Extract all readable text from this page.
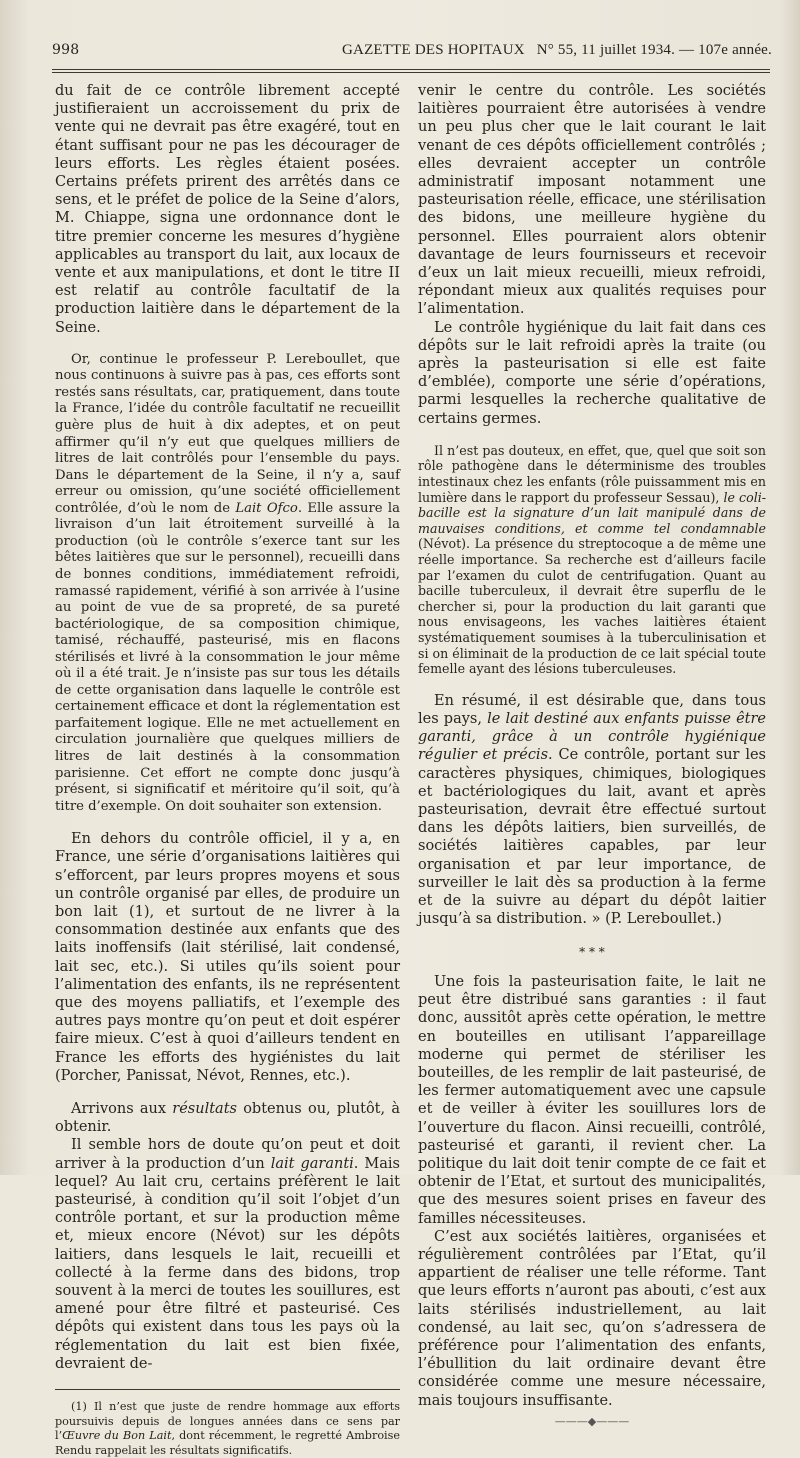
998	GAZETTE DES HOPITAUX N° 55, 11 juillet 1934. — 107e année.

du fait de ce contrôle librement accepté justifieraient un accroissement du prix de vente qui ne devrait pas être exagéré, tout en étant suffisant pour ne pas les décourager de leurs efforts. Les règles étaient posées. Certains préfets prirent des arrêtés dans ce sens, et le préfet de police de la Seine d’alors, M. Chiappe, signa une ordonnance dont le titre premier concerne les mesures d’hygiène applicables au transport du lait, aux locaux de vente et aux manipulations, et dont le titre II est relatif au contrôle facultatif de la production laitière dans le département de la Seine.

Or, continue le professeur P. Lereboullet, que nous continuons à suivre pas à pas, ces efforts sont restés sans résultats, car, pratiquement, dans toute la France, l’idée du contrôle facultatif ne recueillit guère plus de huit à dix adeptes, et on peut affirmer qu’il n’y eut que quelques milliers de litres de lait contrôlés pour l’ensemble du pays. Dans le département de la Seine, il n’y a, sauf erreur ou omission, qu’une société officiellement contrôlée, d’où le nom de Lait Ofco. Elle assure la livraison d’un lait étroitement surveillé à la production (où le contrôle s’exerce tant sur les bêtes laitières que sur le personnel), recueilli dans de bonnes conditions, immédiatement refroidi, ramassé rapidement, vérifié à son arrivée à l’usine au point de vue de sa propreté, de sa pureté bactériologique, de sa composition chimique, tamisé, réchauffé, pasteurisé, mis en flacons stérilisés et livré à la consommation le jour même où il a été trait. Je n’insiste pas sur tous les détails de cette organisation dans laquelle le contrôle est certainement efficace et dont la réglementation est parfaitement logique. Elle ne met actuellement en circulation journalière que quelques milliers de litres de lait destinés à la consommation parisienne. Cet effort ne compte donc jusqu’à présent, si significatif et méritoire qu’il soit, qu’à titre d’exemple. On doit souhaiter son extension.

En dehors du contrôle officiel, il y a, en France, une série d’organisations laitières qui s’efforcent, par leurs propres moyens et sous un contrôle organisé par elles, de produire un bon lait (1), et surtout de ne livrer à la consommation destinée aux enfants que des laits inoffensifs (lait stérilisé, lait condensé, lait sec, etc.). Si utiles qu’ils soient pour l’alimentation des enfants, ils ne représentent que des moyens palliatifs, et l’exemple des autres pays montre qu’on peut et doit espérer faire mieux. C’est à quoi d’ailleurs tendent en France les efforts des hygiénistes du lait (Porcher, Panissat, Névot, Rennes, etc.).

Arrivons aux résultats obtenus ou, plutôt, à obtenir.

Il semble hors de doute qu’on peut et doit arriver à la production d’un lait garanti. Mais lequel? Au lait cru, certains préfèrent le lait pasteurisé, à condition qu’il soit l’objet d’un contrôle portant, et sur la production même et, mieux encore (Névot) sur les dépôts laitiers, dans lesquels le lait, recueilli et collecté à la ferme dans des bidons, trop souvent à la merci de toutes les souillures, est amené pour être filtré et pasteurisé. Ces dépôts qui existent dans tous les pays où la réglementation du lait est bien fixée, devraient de-

(1) Il n’est que juste de rendre hommage aux efforts poursuivis depuis de longues années dans ce sens par l’Œuvre du Bon Lait, dont récemment, le regretté Ambroise Rendu rappelait les résultats significatifs.

venir le centre du contrôle. Les sociétés laitières pourraient être autorisées à vendre un peu plus cher que le lait courant le lait venant de ces dépôts officiellement contrôlés ; elles devraient accepter un contrôle administratif imposant notamment une pasteurisation réelle, efficace, une stérilisation des bidons, une meilleure hygiène du personnel. Elles pourraient alors obtenir davantage de leurs fournisseurs et recevoir d’eux un lait mieux recueilli, mieux refroidi, répondant mieux aux qualités requises pour l’alimentation.

Le contrôle hygiénique du lait fait dans ces dépôts sur le lait refroidi après la traite (ou après la pasteurisation si elle est faite d’emblée), comporte une série d’opérations, parmi lesquelles la recherche qualitative de certains germes.

Il n’est pas douteux, en effet, que, quel que soit son rôle pathogène dans le déterminisme des troubles intestinaux chez les enfants (rôle puissamment mis en lumière dans le rapport du professeur Sessau), le coli-bacille est la signature d’un lait manipulé dans de mauvaises conditions, et comme tel condamnable (Névot). La présence du streptocoque a de même une réelle importance. Sa recherche est d’ailleurs facile par l’examen du culot de centrifugation. Quant au bacille tuberculeux, il devrait être superflu de le chercher si, pour la production du lait garanti que nous envisageons, les vaches laitières étaient systématiquement soumises à la tuberculinisation et si on éliminait de la production de ce lait spécial toute femelle ayant des lésions tuberculeuses.

En résumé, il est désirable que, dans tous les pays, le lait destiné aux enfants puisse être garanti, grâce à un contrôle hygiénique régulier et précis. Ce contrôle, portant sur les caractères physiques, chimiques, biologiques et bactériologiques du lait, avant et après pasteurisation, devrait être effectué surtout dans les dépôts laitiers, bien surveillés, de sociétés laitières capables, par leur organisation et par leur importance, de surveiller le lait dès sa production à la ferme et de la suivre au départ du dépôt laitier jusqu’à sa distribution. » (P. Lereboullet.)

* * *

Une fois la pasteurisation faite, le lait ne peut être distribué sans garanties : il faut donc, aussitôt après cette opération, le mettre en bouteilles en utilisant l’appareillage moderne qui permet de stériliser les bouteilles, de les remplir de lait pasteurisé, de les fermer automatiquement avec une capsule et de veiller à éviter les souillures lors de l’ouverture du flacon. Ainsi recueilli, contrôlé, pasteurisé et garanti, il revient cher. La politique du lait doit tenir compte de ce fait et obtenir de l’Etat, et surtout des municipalités, que des mesures soient prises en faveur des familles nécessiteuses.

C’est aux sociétés laitières, organisées et régulièrement contrôlées par l’Etat, qu’il appartient de réaliser une telle réforme. Tant que leurs efforts n’auront pas abouti, c’est aux laits stérilisés industriellement, au lait condensé, au lait sec, qu’on s’adressera de préférence pour l’alimentation des enfants, l’ébullition du lait ordinaire devant être considérée comme une mesure nécessaire, mais toujours insuffisante.

———◆———
